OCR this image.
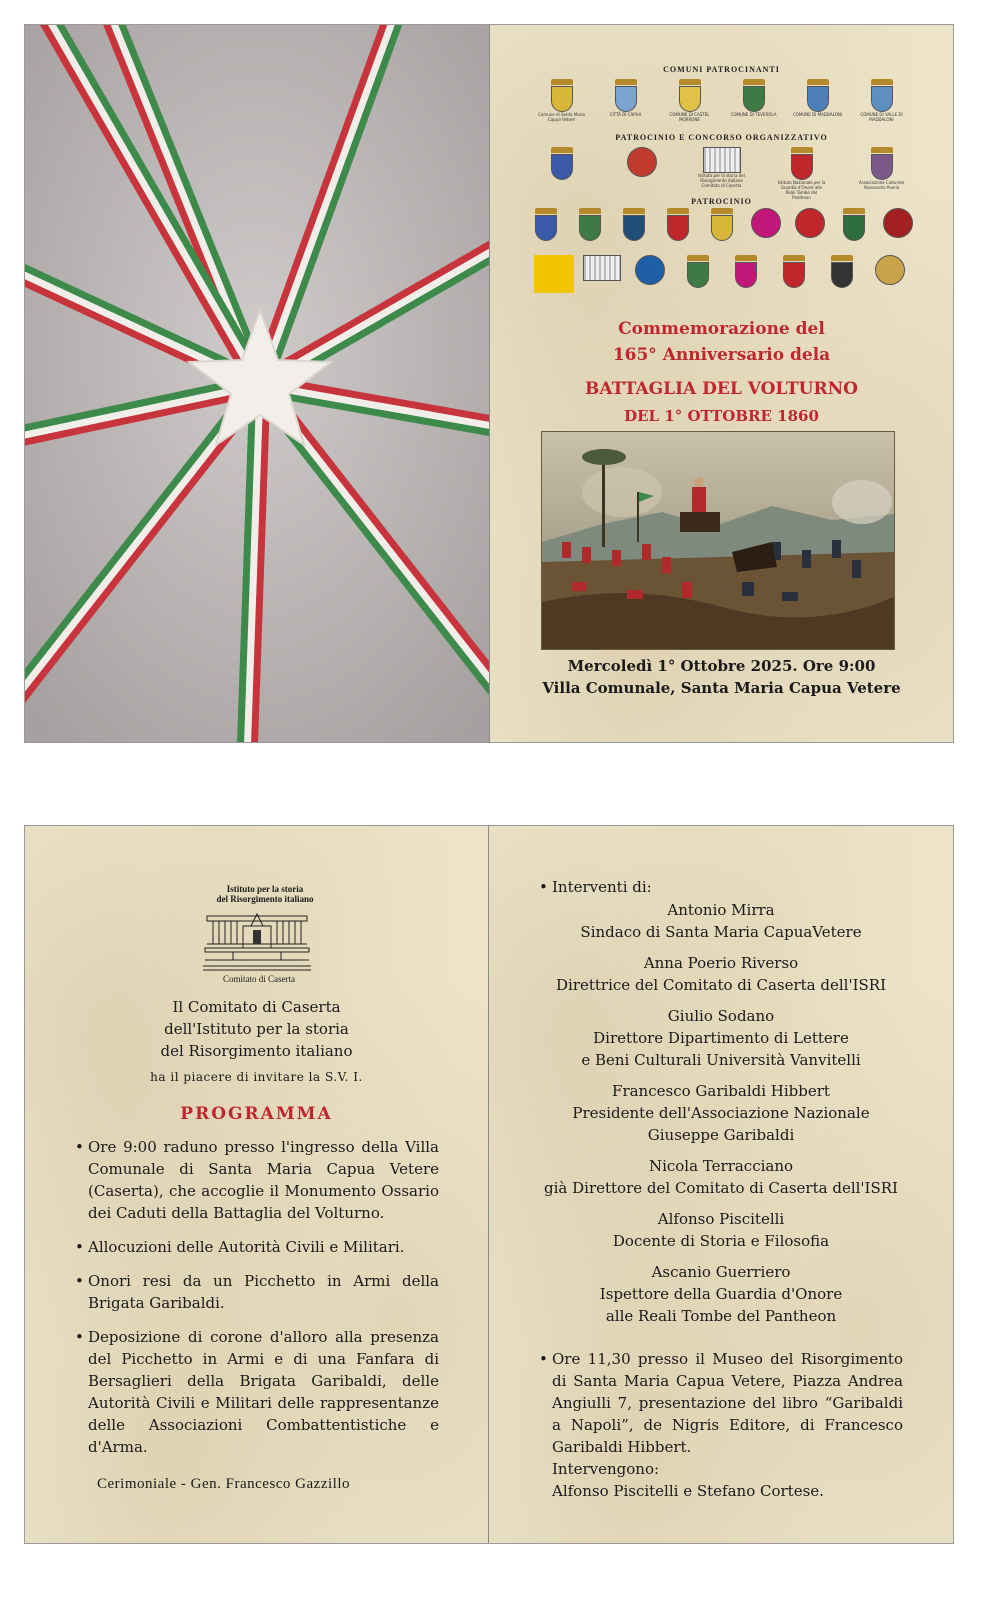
COMUNI PATROCINANTI
Comune di Santa Maria Capua Vetere
CITTÀ DI CAPUA	COMUNE DI CASTEL MORRONE
COMUNE DI TEVEROLA	COMUNE DI MADDALONI	COMUNE DI VALLE DI MADDALONI
PATROCINIO E CONCORSO ORGANIZZATIVO
Istituto per la storia del Risorgimento italiano Comitato di Caserta
Istituto Nazionale per la Guardia d'Onore alle Reali Tombe del Pantheon
Associazione Culturale Alessandro Poerio
PATROCINIO
Commemorazione del
165° Anniversario dela
BATTAGLIA DEL VOLTURNO
DEL 1° OTTOBRE 1860
Mercoledì 1° Ottobre 2025. Ore 9:00
Villa Comunale, Santa Maria Capua Vetere
Istituto per la storia
del Risorgimento italiano
Comitato di Caserta
Il Comitato di Caserta
dell'Istituto per la storia
del Risorgimento italiano
ha il piacere di invitare la S.V. I.
PROGRAMMA
• Ore 9:00 raduno presso l'ingresso della Villa Comunale di Santa Maria Capua Vetere (Caserta), che accoglie il Monumento Ossario dei Caduti della Battaglia del Volturno.
• Allocuzioni delle Autorità Civili e Militari.
• Onori resi da un Picchetto in Armi della Brigata Garibaldi.
• Deposizione di corone d'alloro alla presenza del Picchetto in Armi e di una Fanfara di Bersaglieri della Brigata Garibaldi, delle Autorità Civili e Militari delle rappresentanze delle Associazioni Combattentistiche e d'Arma.
Cerimoniale - Gen. Francesco Gazzillo
• Interventi di:
Antonio Mirra
Sindaco di Santa Maria CapuaVetere
Anna Poerio Riverso
Direttrice del Comitato di Caserta dell'ISRI
Giulio Sodano
Direttore Dipartimento di Lettere
e Beni Culturali Università Vanvitelli
Francesco Garibaldi Hibbert
Presidente dell'Associazione Nazionale
Giuseppe Garibaldi
Nicola Terracciano
già Direttore del Comitato di Caserta dell'ISRI
Alfonso Piscitelli
Docente di Storia e Filosofia
Ascanio Guerriero
Ispettore della Guardia d'Onore
alle Reali Tombe del Pantheon
• Ore 11,30 presso il Museo del Risorgimento di Santa Maria Capua Vetere, Piazza Andrea Angiulli 7, presentazione del libro “Garibaldi a Napoli”, de Nigris Editore, di Francesco Garibaldi Hibbert.
Intervengono:
Alfonso Piscitelli e Stefano Cortese.
